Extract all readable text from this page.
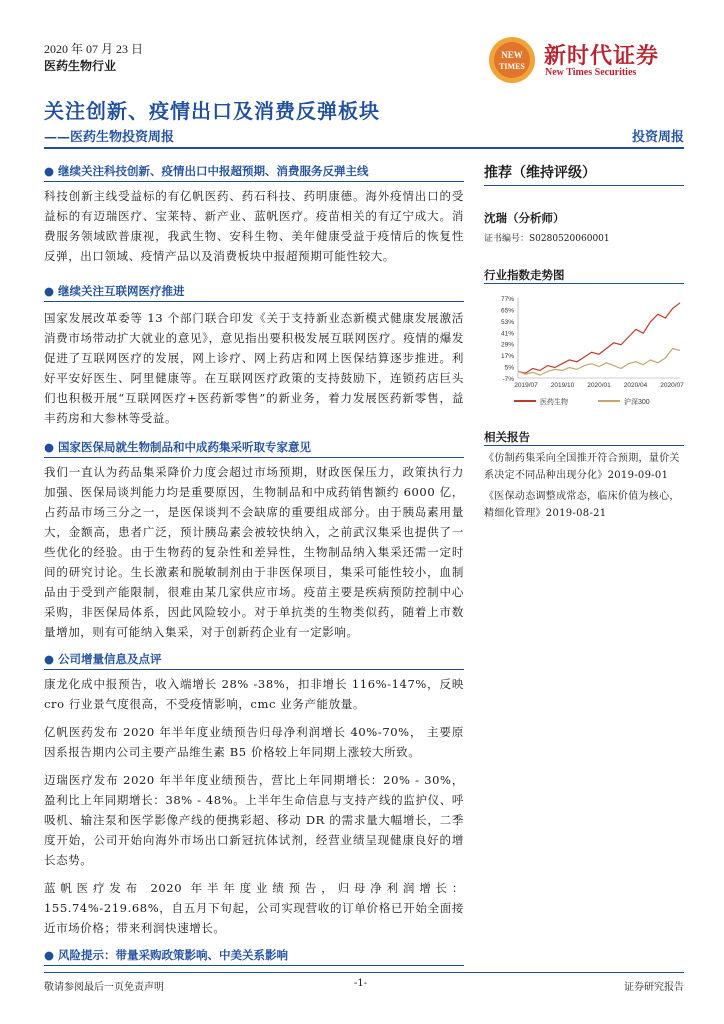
2020 年 07 月 23 日
医药生物行业
NEW
TIMES 新时代证券
New Times Securities
关注创新、疫情出口及消费反弹板块
——医药生物投资周报	投资周报
● 继续关注科技创新、疫情出口中报超预期、消费服务反弹主线

科技创新主线受益标的有亿帆医药、药石科技、药明康德。海外疫情出口的受益标的有迈瑞医疗、宝莱特、新产业、蓝帆医疗。疫苗相关的有辽宁成大。消费服务领域欧普康视，我武生物、安科生物、美年健康受益于疫情后的恢复性反弹，出口领域、疫情产品以及消费板块中报超预期可能性较大。

● 继续关注互联网医疗推进

国家发展改革委等 13 个部门联合印发《关于支持新业态新模式健康发展激活消费市场带动扩大就业的意见》，意见指出要积极发展互联网医疗。疫情的爆发促进了互联网医疗的发展，网上诊疗、网上药店和网上医保结算逐步推进。利好平安好医生、阿里健康等。在互联网医疗政策的支持鼓励下，连锁药店巨头们也积极开展“互联网医疗+医药新零售”的新业务，着力发展医药新零售，益丰药房和大参林等受益。

● 国家医保局就生物制品和中成药集采听取专家意见

我们一直认为药品集采降价力度会超过市场预期，财政医保压力，政策执行力加强、医保局谈判能力均是重要原因，生物制品和中成药销售额约 6000 亿，占药品市场三分之一，是医保谈判不会缺席的重要组成部分。由于胰岛素用量大，金额高，患者广泛，预计胰岛素会被较快纳入，之前武汉集采也提供了一些优化的经验。由于生物药的复杂性和差异性，生物制品纳入集采还需一定时间的研究讨论。生长激素和脱敏制剂由于非医保项目，集采可能性较小，血制品由于受到产能限制，很难由某几家供应市场。疫苗主要是疾病预防控制中心采购，非医保局体系，因此风险较小。对于单抗类的生物类似药，随着上市数量增加，则有可能纳入集采，对于创新药企业有一定影响。

● 公司增量信息及点评

康龙化成中报预告，收入端增长 28% -38%，扣非增长 116%-147%，反映 cro 行业景气度很高，不受疫情影响，cmc 业务产能放量。

亿帆医药发布 2020 年半年度业绩预告归母净利润增长 40%-70%， 主要原因系报告期内公司主要产品维生素 B5 价格较上年同期上涨较大所致。

迈瑞医疗发布 2020 年半年度业绩预告，营比上年同期增长：20% - 30%，盈利比上年同期增长：38% - 48%。上半年生命信息与支持产线的监护仪、呼吸机、输注泵和医学影像产线的便携彩超、移动 DR 的需求量大幅增长，二季度开始，公司开始向海外市场出口新冠抗体试剂，经营业绩呈现健康良好的增长态势。

蓝帆医疗发布 2020 年半年度业绩预告，归母净利润增长：155.74%-219.68%，自五月下旬起，公司实现营收的订单价格已开始全面接近市场价格；带来利润快速增长。

● 风险提示：带量采购政策影响、中美关系影响
推荐（维持评级）
沈瑞（分析师）
证书编号：S0280520060001
行业指数走势图
77%
65%
53%
41%
29%
17%
5%
-7%
2019/07 2019/10 2020/01 2020/04 2020/07
医药生物	沪深300
相关报告
《仿制药集采向全国推开符合预期，量价关系决定不同品种出现分化》2019-09-01
《医保动态调整成常态，临床价值为核心，精细化管理》2019-08-21
敬请参阅最后一页免责声明	-1-	证券研究报告
